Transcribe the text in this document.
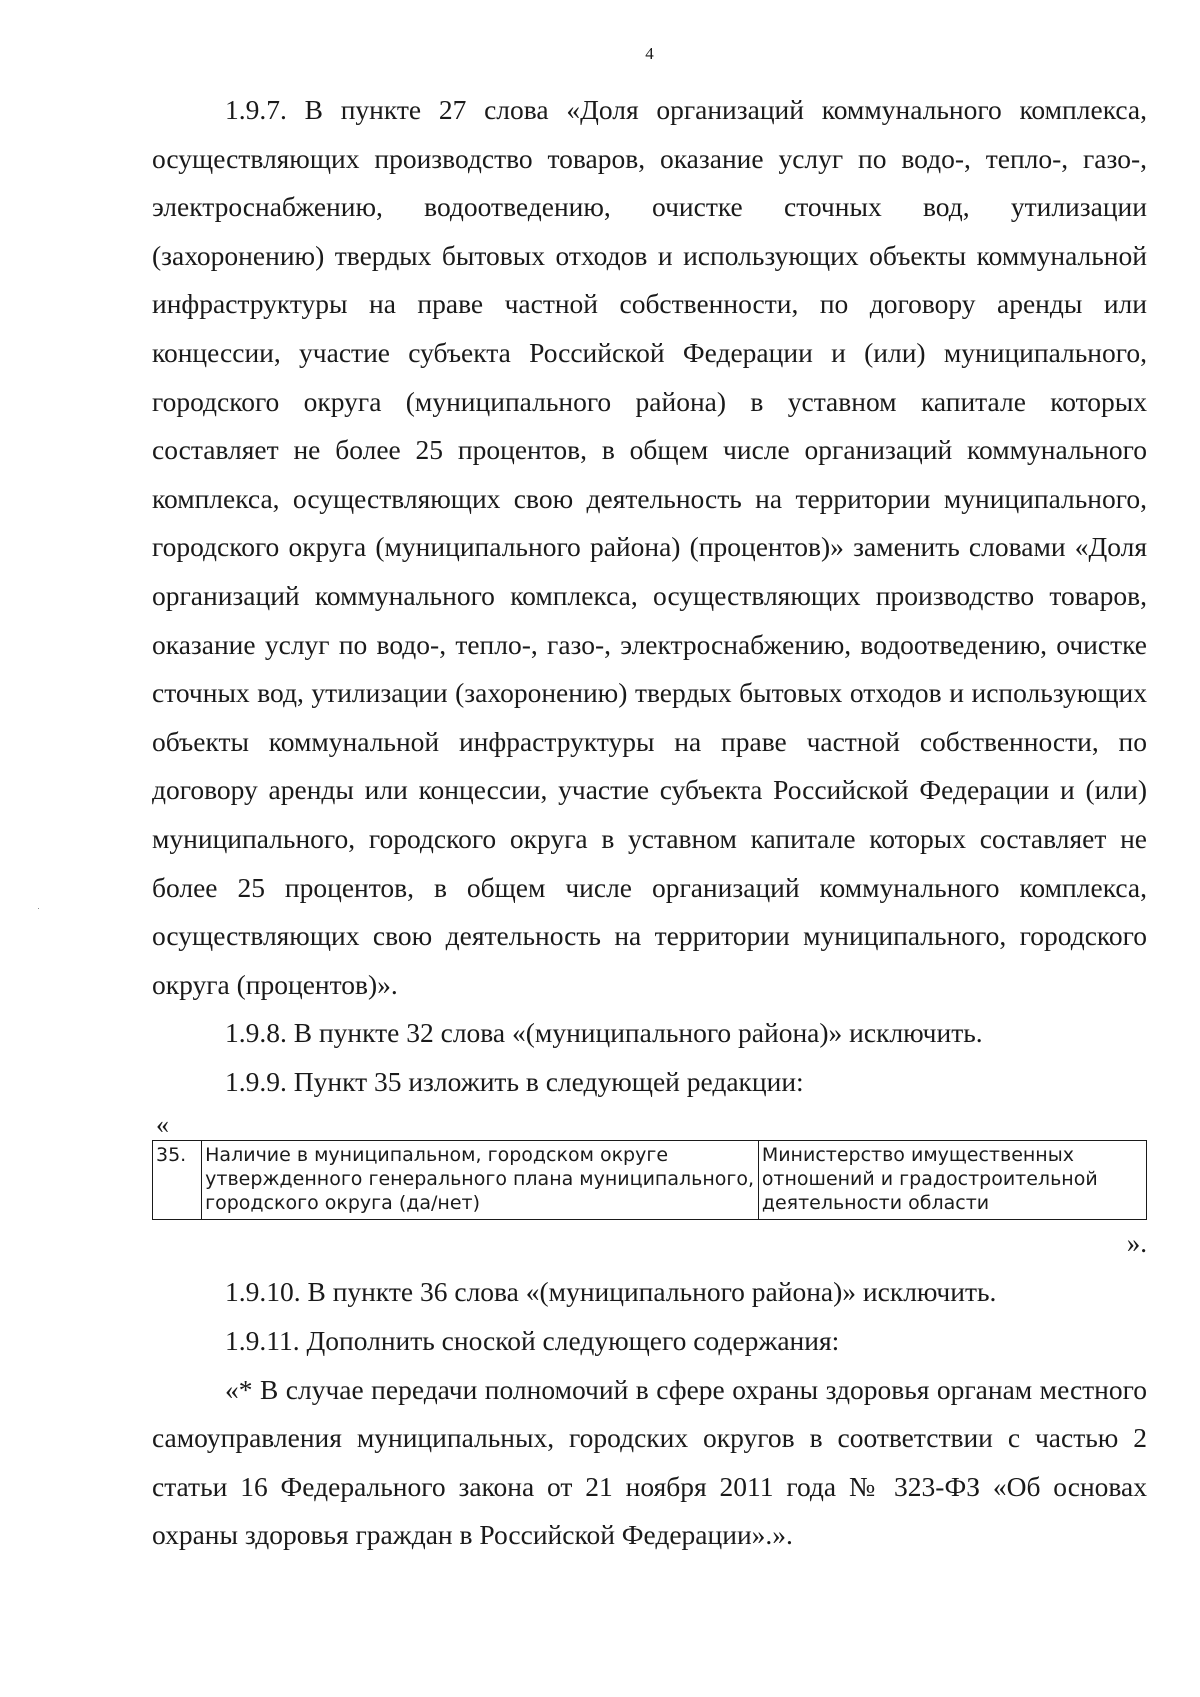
4

1.9.7. В пункте 27 слова «Доля организаций коммунального комплекса, осуществляющих производство товаров, оказание услуг по водо-, тепло-, газо-, электроснабжению, водоотведению, очистке сточных вод, утилизации (захоронению) твердых бытовых отходов и использующих объекты коммунальной инфраструктуры на праве частной собственности, по договору аренды или концессии, участие субъекта Российской Федерации и (или) муниципального, городского округа (муниципального района) в уставном капитале которых составляет не более 25 процентов, в общем числе организаций коммунального комплекса, осуществляющих свою деятельность на территории муниципального, городского округа (муниципального района) (процентов)» заменить словами «Доля организаций коммунального комплекса, осуществляющих производство товаров, оказание услуг по водо-, тепло-, газо-, электроснабжению, водоотведению, очистке сточных вод, утилизации (захоронению) твердых бытовых отходов и использующих объекты коммунальной инфраструктуры на праве частной собственности, по договору аренды или концессии, участие субъекта Российской Федерации и (или) муниципального, городского округа в уставном капитале которых составляет не более 25 процентов, в общем числе организаций коммунального комплекса, осуществляющих свою деятельность на территории муниципального, городского округа (процентов)».

1.9.8. В пункте 32 слова «(муниципального района)» исключить.

1.9.9. Пункт 35 изложить в следующей редакции:

«
35.	Наличие в муниципальном, городском округе утвержденного генерального плана муниципального, городского округа (да/нет)	Министерство имущественных отношений и градостроительной деятельности области
».

1.9.10. В пункте 36 слова «(муниципального района)» исключить.

1.9.11. Дополнить сноской следующего содержания:

«* В случае передачи полномочий в сфере охраны здоровья органам местного самоуправления муниципальных, городских округов в соответствии с частью 2 статьи 16 Федерального закона от 21 ноября 2011 года № 323-ФЗ «Об основах охраны здоровья граждан в Российской Федерации».».
